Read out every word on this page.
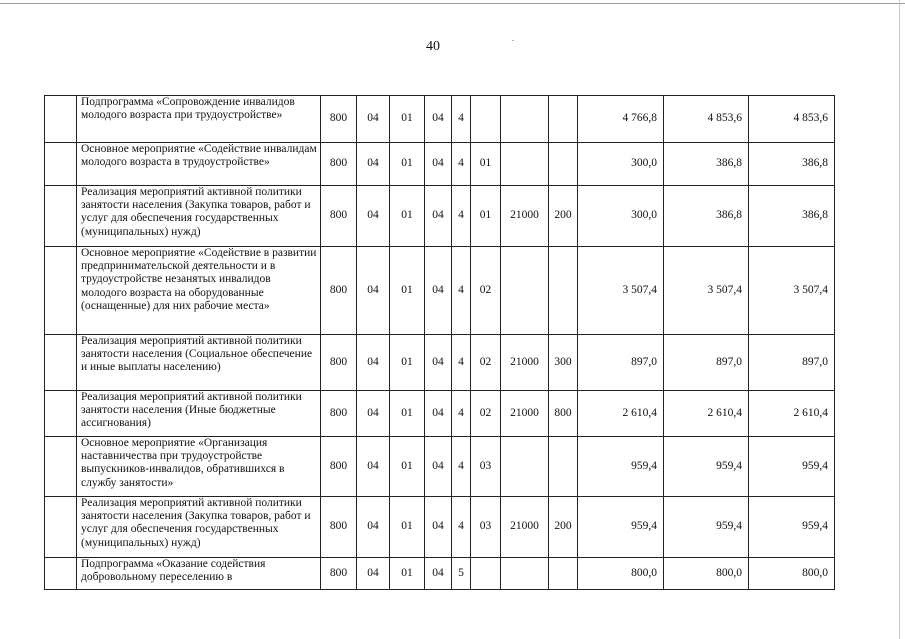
40
	Подпрограмма «Сопровождение инвалидов молодого возраста при трудоустройстве»	800	04	01	04	4				4 766,8	4 853,6	4 853,6
	Основное мероприятие «Содействие инвалидам молодого возраста в трудоустройстве»	800	04	01	04	4	01			300,0	386,8	386,8
	Реализация мероприятий активной политики занятости населения (Закупка товаров, работ и услуг для обеспечения государственных (муниципальных) нужд)	800	04	01	04	4	01	21000	200	300,0	386,8	386,8
	Основное мероприятие «Содействие в развитии предпринимательской деятельности и в трудоустройстве незанятых инвалидов молодого возраста на оборудованные (оснащенные) для них рабочие места»	800	04	01	04	4	02			3 507,4	3 507,4	3 507,4
	Реализация мероприятий активной политики занятости населения (Социальное обеспечение и иные выплаты населению)	800	04	01	04	4	02	21000	300	897,0	897,0	897,0
	Реализация мероприятий активной политики занятости населения (Иные бюджетные ассигнования)	800	04	01	04	4	02	21000	800	2 610,4	2 610,4	2 610,4
	Основное мероприятие «Организация наставничества при трудоустройстве выпускников-инвалидов, обратившихся в службу занятости»	800	04	01	04	4	03			959,4	959,4	959,4
	Реализация мероприятий активной политики занятости населения (Закупка товаров, работ и услуг для обеспечения государственных (муниципальных) нужд)	800	04	01	04	4	03	21000	200	959,4	959,4	959,4
	Подпрограмма «Оказание содействия добровольному переселению в	800	04	01	04	5				800,0	800,0	800,0
